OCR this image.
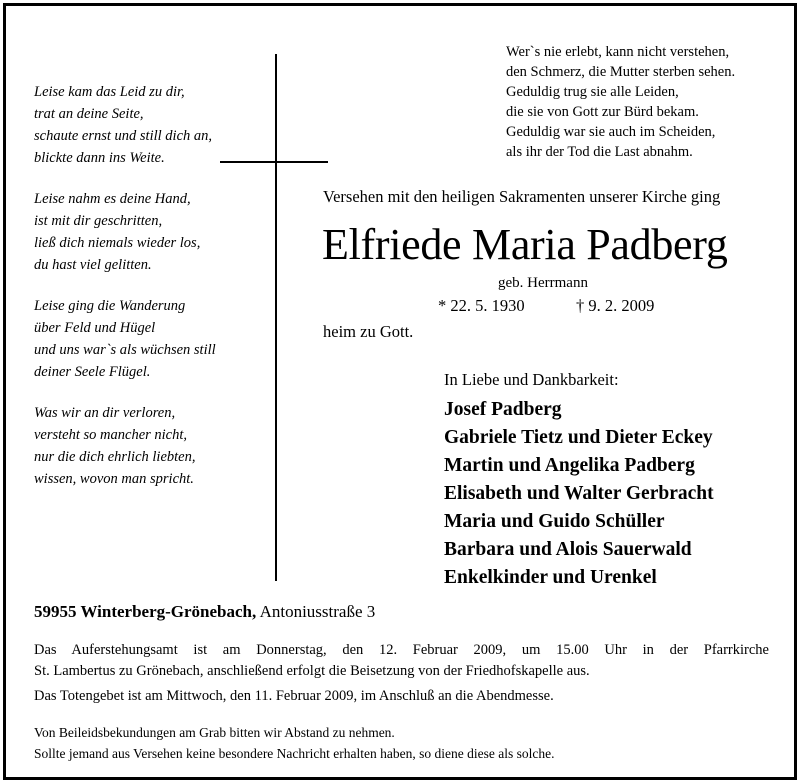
Leise kam das Leid zu dir,
trat an deine Seite,
schaute ernst und still dich an,
blickte dann ins Weite.
Leise nahm es deine Hand,
ist mit dir geschritten,
ließ dich niemals wieder los,
du hast viel gelitten.
Leise ging die Wanderung
über Feld und Hügel
und uns war`s als wüchsen still
deiner Seele Flügel.
Was wir an dir verloren,
versteht so mancher nicht,
nur die dich ehrlich liebten,
wissen, wovon man spricht.
Wer`s nie erlebt, kann nicht verstehen,
den Schmerz, die Mutter sterben sehen.
Geduldig trug sie alle Leiden,
die sie von Gott zur Bürd bekam.
Geduldig war sie auch im Scheiden,
als ihr der Tod die Last abnahm.
Versehen mit den heiligen Sakramenten unserer Kirche ging
Elfriede Maria Padberg
geb. Herrmann
* 22. 5. 1930	† 9. 2. 2009
heim zu Gott.
In Liebe und Dankbarkeit:
Josef Padberg
Gabriele Tietz und Dieter Eckey
Martin und Angelika Padberg
Elisabeth und Walter Gerbracht
Maria und Guido Schüller
Barbara und Alois Sauerwald
Enkelkinder und Urenkel
59955 Winterberg-Grönebach, Antoniusstraße 3
Das Auferstehungsamt ist am Donnerstag, den 12. Februar 2009, um 15.00 Uhr in der Pfarrkirche
St. Lambertus zu Grönebach, anschließend erfolgt die Beisetzung von der Friedhofskapelle aus.
Das Totengebet ist am Mittwoch, den 11. Februar 2009, im Anschluß an die Abendmesse.
Von Beileidsbekundungen am Grab bitten wir Abstand zu nehmen.
Sollte jemand aus Versehen keine besondere Nachricht erhalten haben, so diene diese als solche.
